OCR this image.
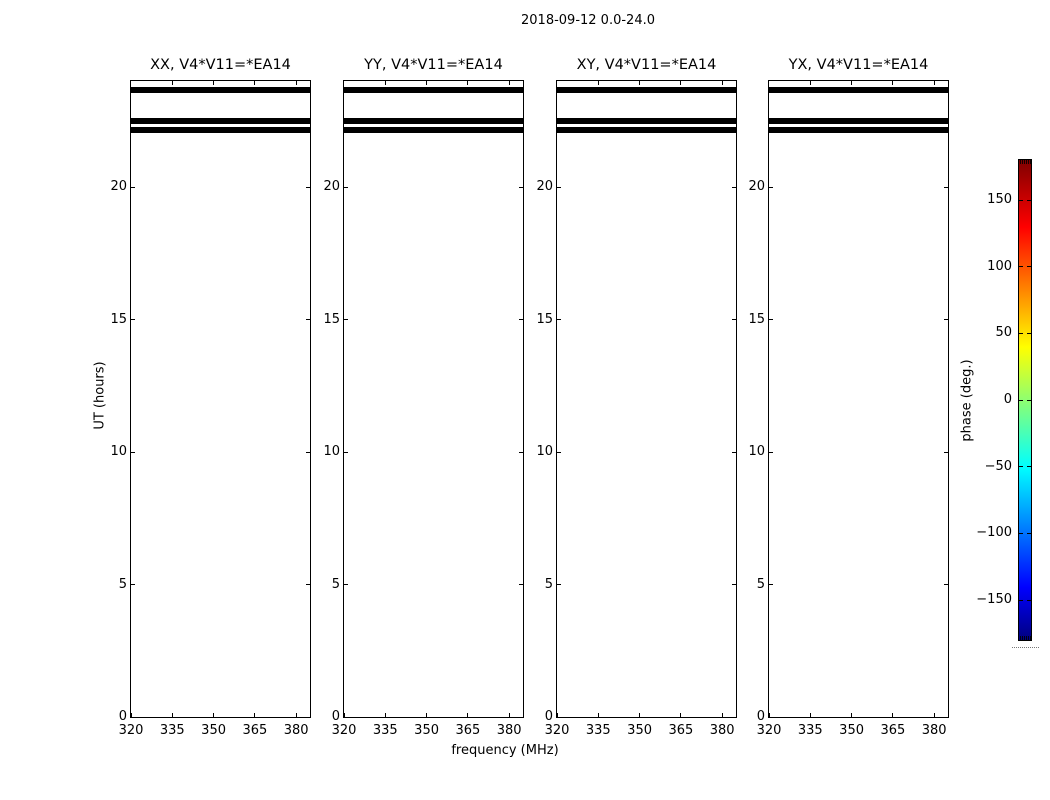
2018-09-12 0.0-24.0
XX, V4*V11=*EA14
320	335	350	365	380
0
5
10
15
20
YY, V4*V11=*EA14
320	335	350	365	380
0
5
10
15
20
XY, V4*V11=*EA14
320	335	350	365	380
0
5
10
15
20
YX, V4*V11=*EA14
320	335	350	365	380
0
5
10
15
20
frequency (MHz)
UT (hours)	phase (deg.)
150
100
50
0
−50
−100
−150
